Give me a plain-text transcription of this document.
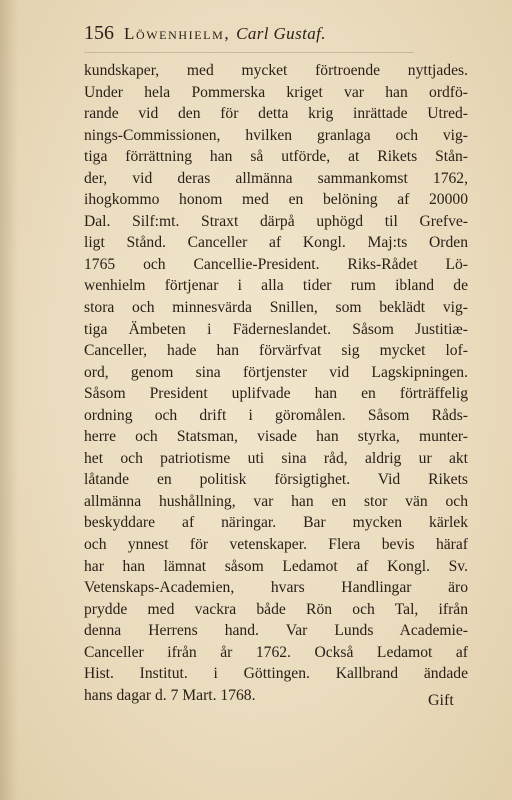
156 Löwenhielm, Carl Gustaf.
kundskaper, med mycket förtroende nyttjades.
Under hela Pommerska kriget var han ordfö-
rande vid den för detta krig inrättade Utred-
nings-Commissionen, hvilken granlaga och vig-
tiga förrättning han så utförde, at Rikets Stån-
der, vid deras allmänna sammankomst 1762,
ihogkommo honom med en belöning af 20000
Dal. Silf:mt. Straxt därpå uphögd til Grefve-
ligt Stånd. Canceller af Kongl. Maj:ts Orden
1765 och Cancellie-President. Riks-Rådet Lö-
wenhielm förtjenar i alla tider rum ibland de
stora och minnesvärda Snillen, som beklädt vig-
tiga Ämbeten i Fäderneslandet. Såsom Justitiæ-
Canceller, hade han förvärfvat sig mycket lof-
ord, genom sina förtjenster vid Lagskipningen.
Såsom President uplifvade han en förträffelig
ordning och drift i göromålen. Såsom Råds-
herre och Statsman, visade han styrka, munter-
het och patriotisme uti sina råd, aldrig ur akt
låtande en politisk försigtighet. Vid Rikets
allmänna hushållning, var han en stor vän och
beskyddare af näringar. Bar mycken kärlek
och ynnest för vetenskaper. Flera bevis häraf
har han lämnat såsom Ledamot af Kongl. Sv.
Vetenskaps-Academien, hvars Handlingar äro
prydde med vackra både Rön och Tal, ifrån
denna Herrens hand. Var Lunds Academie-
Canceller ifrån år 1762. Också Ledamot af
Hist. Institut. i Göttingen. Kallbrand ändade
hans dagar d. 7 Mart. 1768.	Gift
